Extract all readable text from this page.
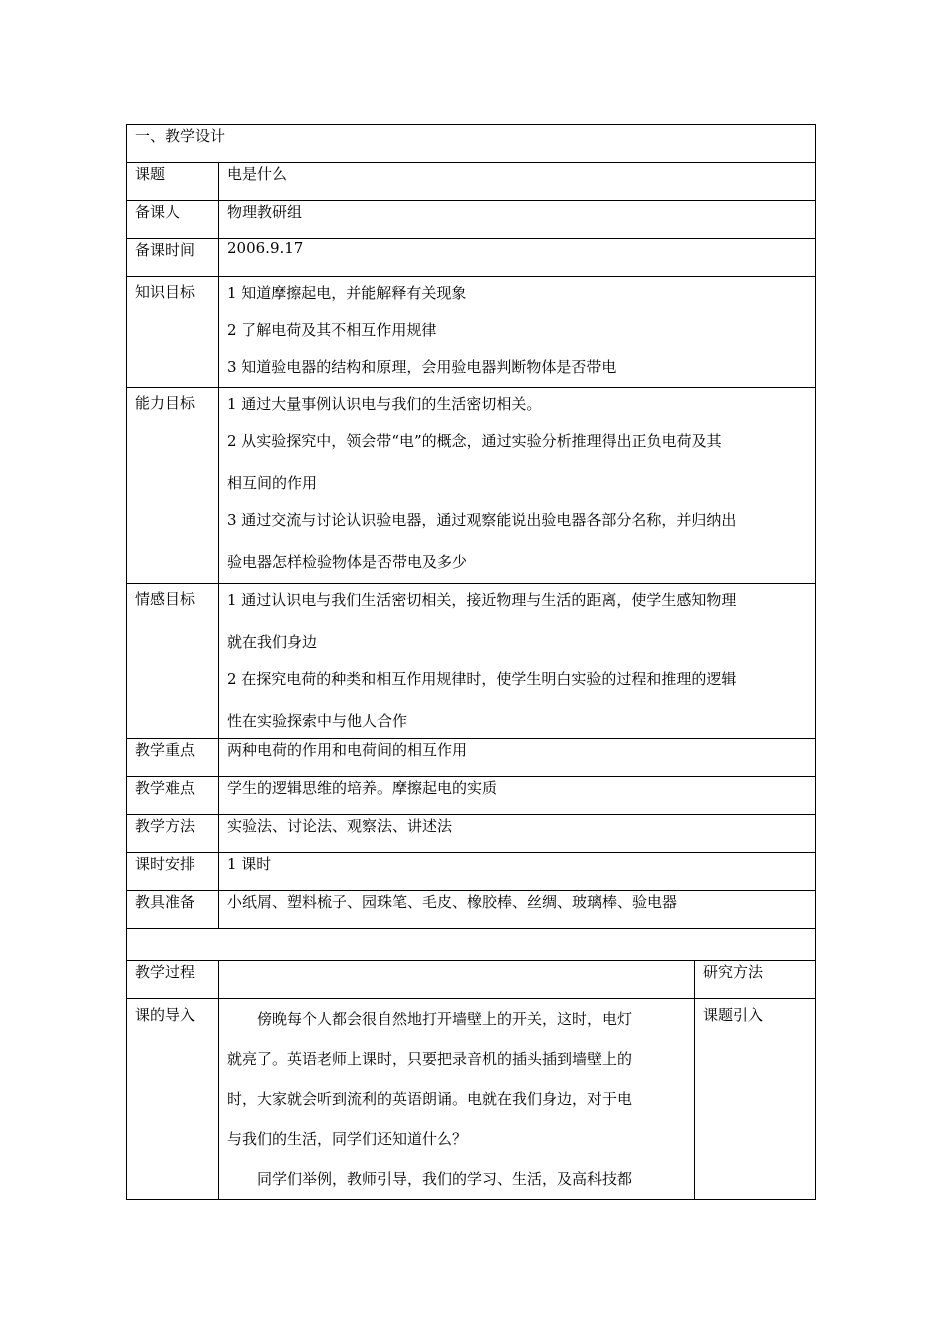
一、教学设计		
课题	电是什么	
备课人	物理教研组	
备课时间	2006.9.17	
知识目标	1 知道摩擦起电，并能解释有关现象
2 了解电荷及其不相互作用规律
3 知道验电器的结构和原理，会用验电器判断物体是否带电	

能力目标	1 通过大量事例认识电与我们的生活密切相关。
2 从实验探究中，领会带“电”的概念，通过实验分析推理得出正负电荷及其
相互间的作用
3 通过交流与讨论认识验电器，通过观察能说出验电器各部分名称，并归纳出
验电器怎样检验物体是否带电及多少	

情感目标	1 通过认识电与我们生活密切相关，接近物理与生活的距离，使学生感知物理
就在我们身边
2 在探究电荷的种类和相互作用规律时，使学生明白实验的过程和推理的逻辑
性在实验探索中与他人合作	

教学重点	两种电荷的作用和电荷间的相互作用	
教学难点	学生的逻辑思维的培养。摩擦起电的实质	
教学方法	实验法、讨论法、观察法、讲述法	
课时安排	1 课时	
教具准备	小纸屑、塑料梳子、园珠笔、毛皮、橡胶棒、丝绸、玻璃棒、验电器	

教学过程		研究方法
课的导入	傍晚每个人都会很自然地打开墙壁上的开关，这时，电灯
就亮了。英语老师上课时，只要把录音机的插头插到墙壁上的
时，大家就会听到流利的英语朗诵。电就在我们身边，对于电
与我们的生活，同学们还知道什么？
同学们举例，教师引导，我们的学习、生活，及高科技都	课题引入
